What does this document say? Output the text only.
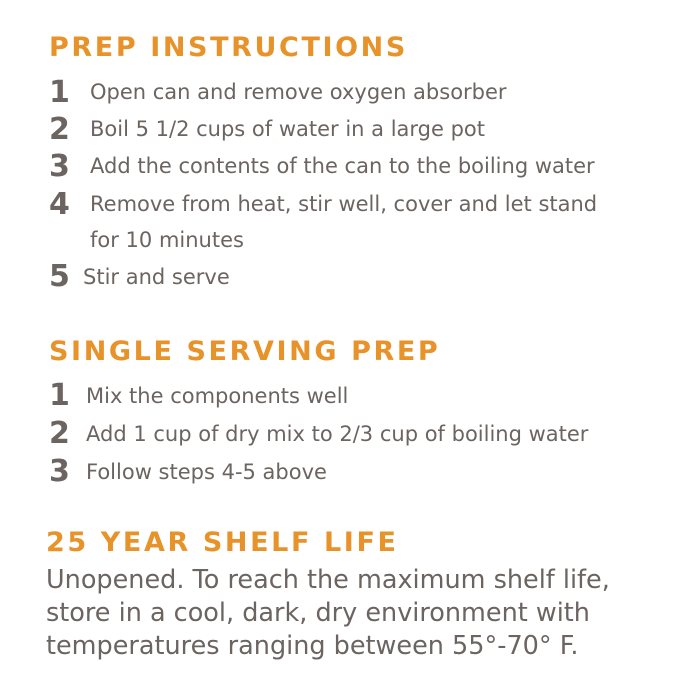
PREP INSTRUCTIONS
1 Open can and remove oxygen absorber
2 Boil 5 1/2 cups of water in a large pot
3 Add the contents of the can to the boiling water
4 Remove from heat, stir well, cover and let stand
for 10 minutes
5 Stir and serve
SINGLE SERVING PREP
1 Mix the components well
2 Add 1 cup of dry mix to 2/3 cup of boiling water
3 Follow steps 4-5 above
25 YEAR SHELF LIFE
Unopened. To reach the maximum shelf life,
store in a cool, dark, dry environment with
temperatures ranging between 55°-70° F.
